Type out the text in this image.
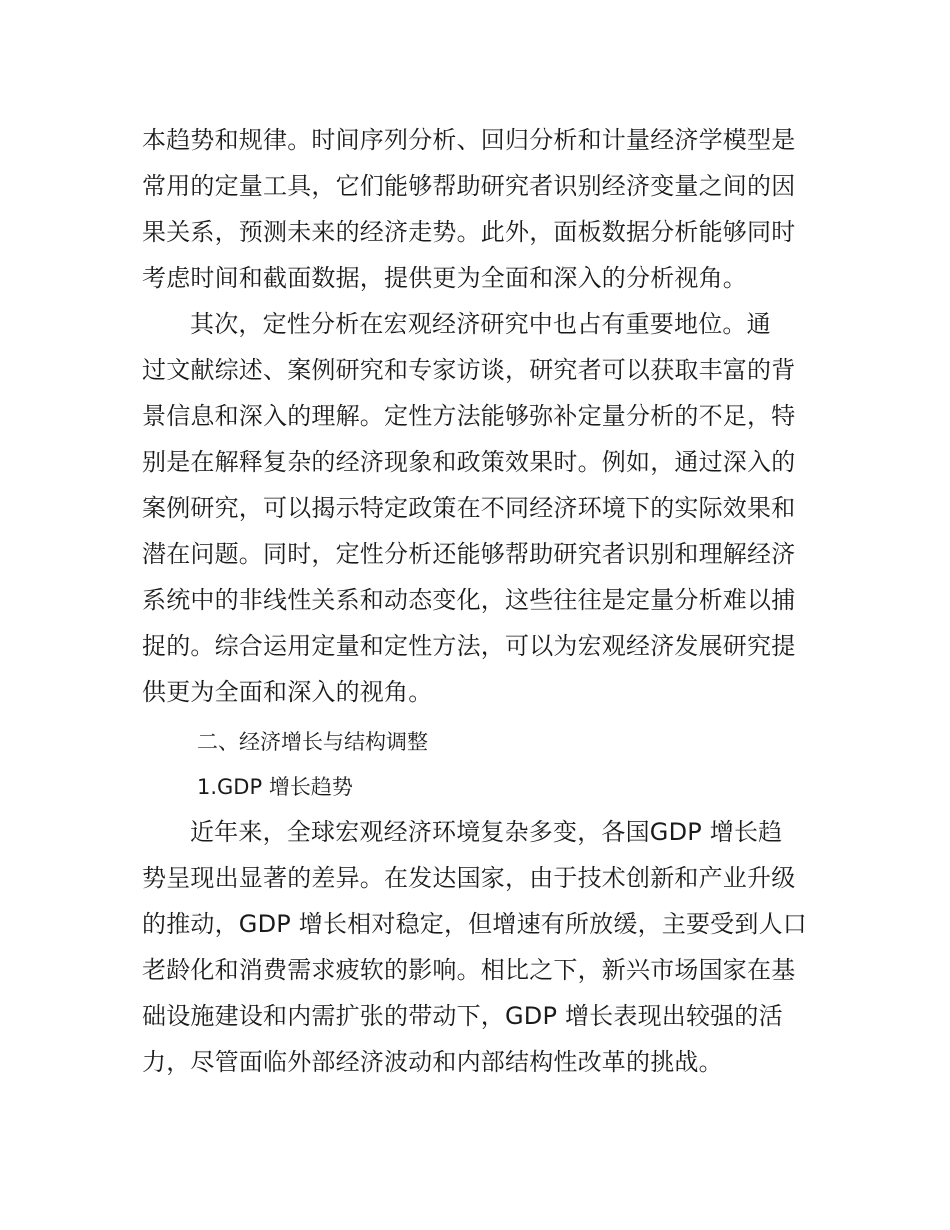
本趋势和规律。时间序列分析、回归分析和计量经济学模型是
常用的定量工具，它们能够帮助研究者识别经济变量之间的因
果关系，预测未来的经济走势。此外，面板数据分析能够同时
考虑时间和截面数据，提供更为全面和深入的分析视角。
其次，定性分析在宏观经济研究中也占有重要地位。通
过文献综述、案例研究和专家访谈，研究者可以获取丰富的背
景信息和深入的理解。定性方法能够弥补定量分析的不足，特
别是在解释复杂的经济现象和政策效果时。例如，通过深入的
案例研究，可以揭示特定政策在不同经济环境下的实际效果和
潜在问题。同时，定性分析还能够帮助研究者识别和理解经济
系统中的非线性关系和动态变化，这些往往是定量分析难以捕
捉的。综合运用定量和定性方法，可以为宏观经济发展研究提
供更为全面和深入的视角。
二、经济增长与结构调整
1.GDP 增长趋势
近年来，全球宏观经济环境复杂多变，各国GDP 增长趋
势呈现出显著的差异。在发达国家，由于技术创新和产业升级
的推动，GDP 增长相对稳定，但增速有所放缓，主要受到人口
老龄化和消费需求疲软的影响。相比之下，新兴市场国家在基
础设施建设和内需扩张的带动下，GDP 增长表现出较强的活
力，尽管面临外部经济波动和内部结构性改革的挑战。
